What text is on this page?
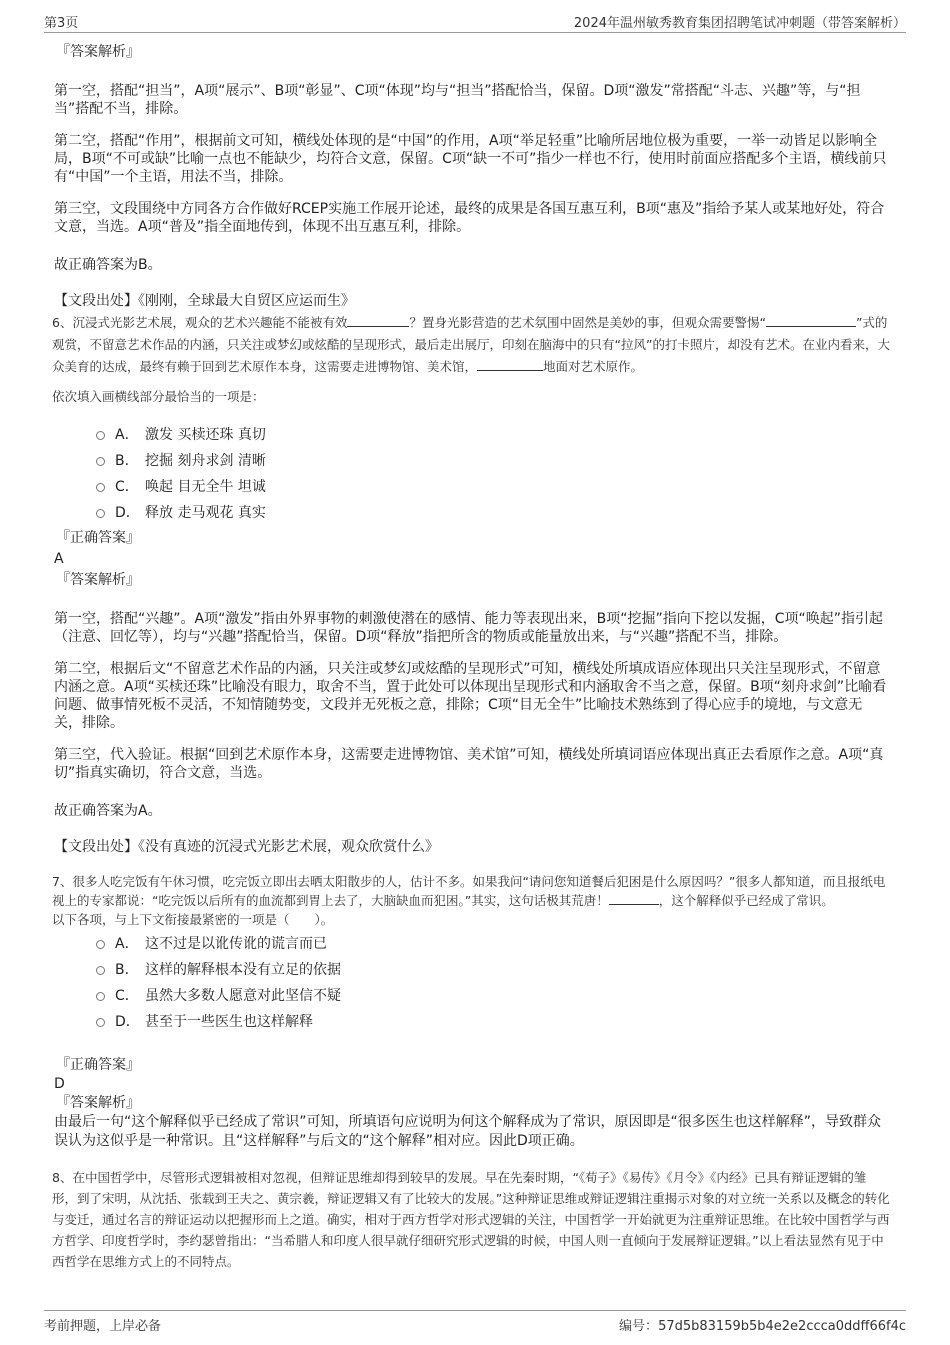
第3页	2024年温州敏秀教育集团招聘笔试冲刺题（带答案解析）
『答案解析』

第一空，搭配“担当”，A项“展示”、B项“彰显”、C项“体现”均与“担当”搭配恰当，保留。D项“激发”常搭配“斗志、兴趣”等，与“担当”搭配不当，排除。

第二空，搭配“作用”，根据前文可知，横线处体现的是“中国”的作用，A项“举足轻重”比喻所居地位极为重要，一举一动皆足以影响全局，B项“不可或缺”比喻一点也不能缺少，均符合文意，保留。C项“缺一不可”指少一样也不行，使用时前面应搭配多个主语，横线前只有“中国”一个主语，用法不当，排除。

第三空，文段围绕中方同各方合作做好RCEP实施工作展开论述，最终的成果是各国互惠互利，B项“惠及”指给予某人或某地好处，符合文意，当选。A项“普及”指全面地传到，体现不出互惠互利，排除。

故正确答案为B。

【文段出处】《刚刚，全球最大自贸区应运而生》

6、沉浸式光影艺术展，观众的艺术兴趣能不能被有效	？置身光影营造的艺术氛围中固然是美妙的事，但观众需要警惕“	”式的观赏，不留意艺术作品的内涵，只关注或梦幻或炫酷的呈现形式，最后走出展厅，印刻在脑海中的只有“拉风”的打卡照片，却没有艺术。在业内看来，大众美育的达成，最终有赖于回到艺术原作本身，这需要走进博物馆、美术馆，	地面对艺术原作。

依次填入画横线部分最恰当的一项是：

A． 激发 买椟还珠 真切
B． 挖掘 刻舟求剑 清晰
C． 唤起 目无全牛 坦诚
D． 释放 走马观花 真实
『正确答案』
A
『答案解析』

第一空，搭配“兴趣”。A项“激发”指由外界事物的刺激使潜在的感情、能力等表现出来，B项“挖掘”指向下挖以发掘，C项“唤起”指引起（注意、回忆等），均与“兴趣”搭配恰当，保留。D项“释放”指把所含的物质或能量放出来，与“兴趣”搭配不当，排除。

第二空，根据后文“不留意艺术作品的内涵，只关注或梦幻或炫酷的呈现形式”可知，横线处所填成语应体现出只关注呈现形式，不留意内涵之意。A项“买椟还珠”比喻没有眼力，取舍不当，置于此处可以体现出呈现形式和内涵取舍不当之意，保留。B项“刻舟求剑”比喻看问题、做事情死板不灵活，不知情随势变，文段并无死板之意，排除；C项“目无全牛”比喻技术熟练到了得心应手的境地，与文意无关，排除。

第三空，代入验证。根据“回到艺术原作本身，这需要走进博物馆、美术馆”可知，横线处所填词语应体现出真正去看原作之意。A项“真切”指真实确切，符合文意，当选。

故正确答案为A。

【文段出处】《没有真迹的沉浸式光影艺术展，观众欣赏什么》

7、很多人吃完饭有午休习惯，吃完饭立即出去晒太阳散步的人，估计不多。如果我问“请问您知道餐后犯困是什么原因吗？”很多人都知道，而且报纸电视上的专家都说：“吃完饭以后所有的血流都到胃上去了，大脑缺血而犯困。”其实，这句话极其荒唐！	，这个解释似乎已经成了常识。

以下各项，与上下文衔接最紧密的一项是（　　）。

A． 这不过是以讹传讹的谎言而已
B． 这样的解释根本没有立足的依据
C． 虽然大多数人愿意对此坚信不疑
D． 甚至于一些医生也这样解释
『正确答案』
D
『答案解析』

由最后一句“这个解释似乎已经成了常识”可知，所填语句应说明为何这个解释成为了常识，原因即是“很多医生也这样解释”，导致群众误认为这似乎是一种常识。且“这样解释”与后文的“这个解释”相对应。因此D项正确。

8、在中国哲学中，尽管形式逻辑被相对忽视，但辩证思维却得到较早的发展。早在先秦时期，“《荀子》《易传》《月令》《内经》已具有辩证逻辑的雏形，到了宋明，从沈括、张载到王夫之、黄宗羲，辩证逻辑又有了比较大的发展。”这种辩证思维或辩证逻辑注重揭示对象的对立统一关系以及概念的转化与变迁，通过名言的辩证运动以把握形而上之道。确实，相对于西方哲学对形式逻辑的关注，中国哲学一开始就更为注重辩证思维。在比较中国哲学与西方哲学、印度哲学时，李约瑟曾指出：“当希腊人和印度人很早就仔细研究形式逻辑的时候，中国人则一直倾向于发展辩证逻辑。”以上看法显然有见于中西哲学在思维方式上的不同特点。

考前押题，上岸必备	编号：57d5b83159b5b4e2e2ccca0ddff66f4c
